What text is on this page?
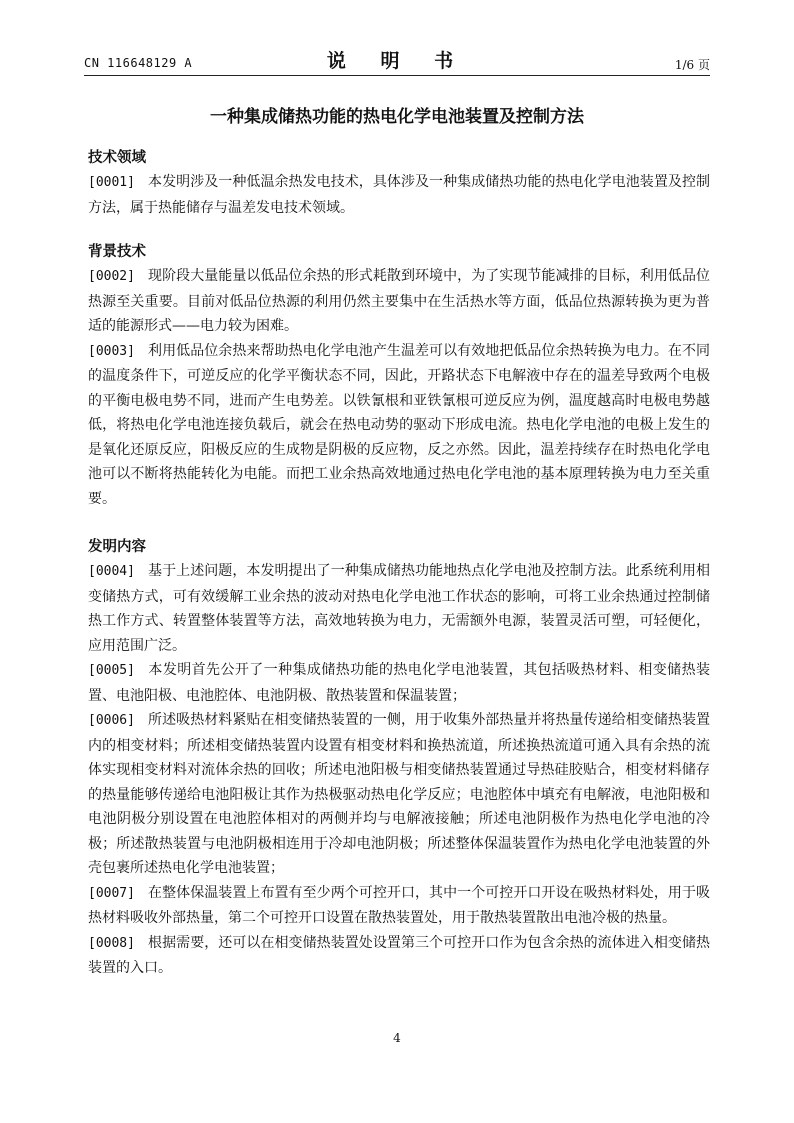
CN 116648129 A	说 明 书	1/6 页
一种集成储热功能的热电化学电池装置及控制方法
技术领域

[0001] 本发明涉及一种低温余热发电技术，具体涉及一种集成储热功能的热电化学电池装置及控制方法，属于热能储存与温差发电技术领域。

背景技术

[0002] 现阶段大量能量以低品位余热的形式耗散到环境中，为了实现节能减排的目标，利用低品位热源至关重要。目前对低品位热源的利用仍然主要集中在生活热水等方面，低品位热源转换为更为普适的能源形式——电力较为困难。

[0003] 利用低品位余热来帮助热电化学电池产生温差可以有效地把低品位余热转换为电力。在不同的温度条件下，可逆反应的化学平衡状态不同，因此，开路状态下电解液中存在的温差导致两个电极的平衡电极电势不同，进而产生电势差。以铁氰根和亚铁氰根可逆反应为例，温度越高时电极电势越低，将热电化学电池连接负载后，就会在热电动势的驱动下形成电流。热电化学电池的电极上发生的是氧化还原反应，阳极反应的生成物是阴极的反应物，反之亦然。因此，温差持续存在时热电化学电池可以不断将热能转化为电能。而把工业余热高效地通过热电化学电池的基本原理转换为电力至关重要。

发明内容

[0004] 基于上述问题，本发明提出了一种集成储热功能地热点化学电池及控制方法。此系统利用相变储热方式，可有效缓解工业余热的波动对热电化学电池工作状态的影响，可将工业余热通过控制储热工作方式、转置整体装置等方法，高效地转换为电力，无需额外电源，装置灵活可塑，可轻便化，应用范围广泛。

[0005] 本发明首先公开了一种集成储热功能的热电化学电池装置，其包括吸热材料、相变储热装置、电池阳极、电池腔体、电池阴极、散热装置和保温装置；

[0006] 所述吸热材料紧贴在相变储热装置的一侧，用于收集外部热量并将热量传递给相变储热装置内的相变材料；所述相变储热装置内设置有相变材料和换热流道，所述换热流道可通入具有余热的流体实现相变材料对流体余热的回收；所述电池阳极与相变储热装置通过导热硅胶贴合，相变材料储存的热量能够传递给电池阳极让其作为热极驱动热电化学反应；电池腔体中填充有电解液，电池阳极和电池阴极分别设置在电池腔体相对的两侧并均与电解液接触；所述电池阴极作为热电化学电池的冷极；所述散热装置与电池阴极相连用于冷却电池阴极；所述整体保温装置作为热电化学电池装置的外壳包裹所述热电化学电池装置；

[0007] 在整体保温装置上布置有至少两个可控开口，其中一个可控开口开设在吸热材料处，用于吸热材料吸收外部热量，第二个可控开口设置在散热装置处，用于散热装置散出电池冷极的热量。

[0008] 根据需要，还可以在相变储热装置处设置第三个可控开口作为包含余热的流体进入相变储热装置的入口。

4
